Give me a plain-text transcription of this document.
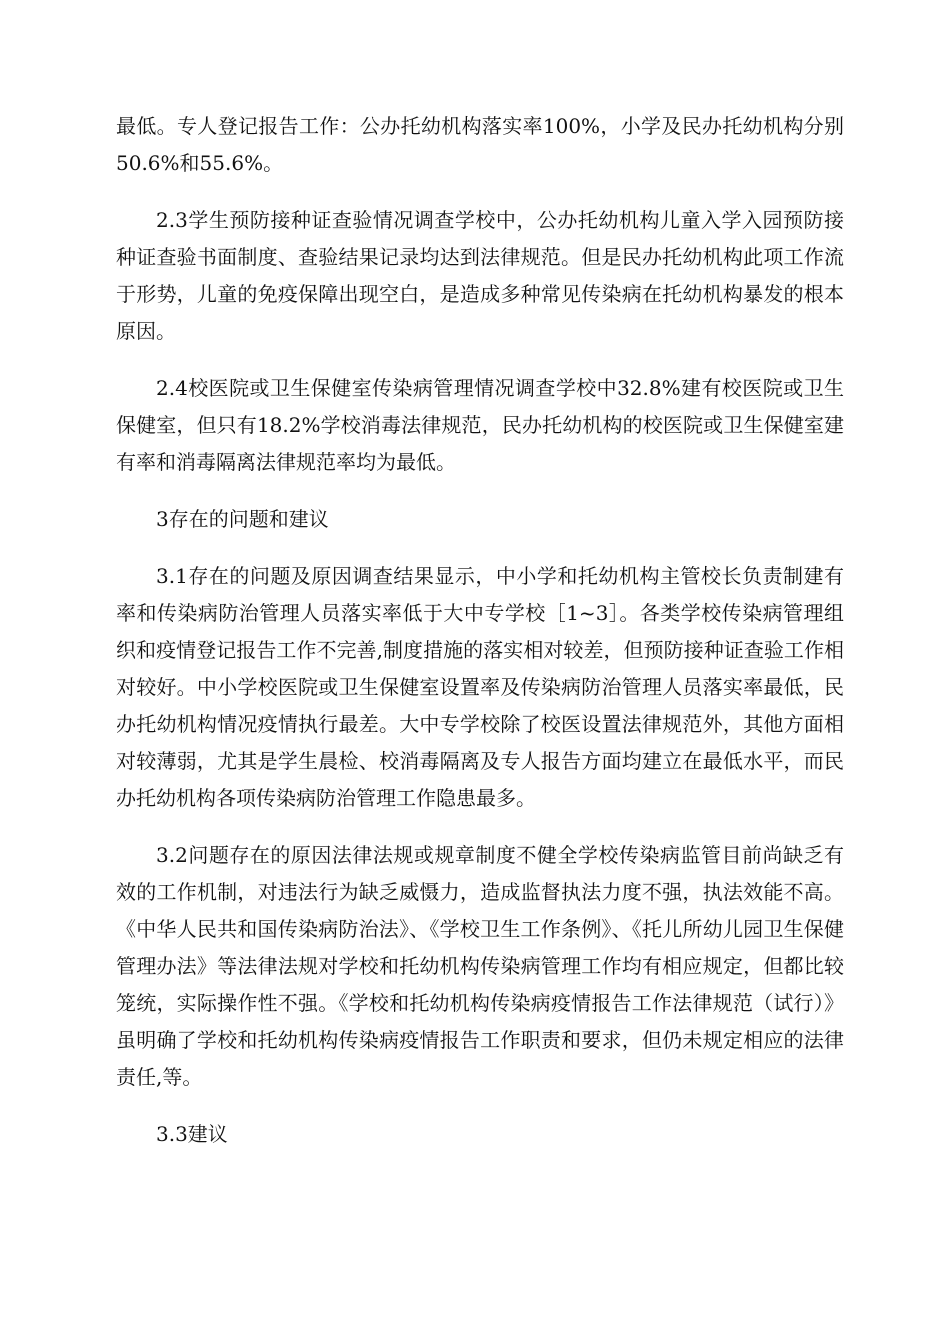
最低。专人登记报告工作：公办托幼机构落实率100%，小学及民办托幼机构分别50.6%和55.6%。

2.3学生预防接种证查验情况调查学校中，公办托幼机构儿童入学入园预防接种证查验书面制度、查验结果记录均达到法律规范。但是民办托幼机构此项工作流于形势，儿童的免疫保障出现空白，是造成多种常见传染病在托幼机构暴发的根本原因。

2.4校医院或卫生保健室传染病管理情况调查学校中32.8%建有校医院或卫生保健室，但只有18.2%学校消毒法律规范，民办托幼机构的校医院或卫生保健室建有率和消毒隔离法律规范率均为最低。

3存在的问题和建议

3.1存在的问题及原因调查结果显示，中小学和托幼机构主管校长负责制建有率和传染病防治管理人员落实率低于大中专学校［1~3］。各类学校传染病管理组织和疫情登记报告工作不完善,制度措施的落实相对较差，但预防接种证查验工作相对较好。中小学校医院或卫生保健室设置率及传染病防治管理人员落实率最低，民办托幼机构情况疫情执行最差。大中专学校除了校医设置法律规范外，其他方面相对较薄弱，尤其是学生晨检、校消毒隔离及专人报告方面均建立在最低水平，而民办托幼机构各项传染病防治管理工作隐患最多。

3.2问题存在的原因法律法规或规章制度不健全学校传染病监管目前尚缺乏有效的工作机制，对违法行为缺乏威慑力，造成监督执法力度不强，执法效能不高。《中华人民共和国传染病防治法》、《学校卫生工作条例》、《托儿所幼儿园卫生保健管理办法》等法律法规对学校和托幼机构传染病管理工作均有相应规定，但都比较笼统，实际操作性不强。《学校和托幼机构传染病疫情报告工作法律规范（试行）》虽明确了学校和托幼机构传染病疫情报告工作职责和要求，但仍未规定相应的法律责任,等。

3.3建议
